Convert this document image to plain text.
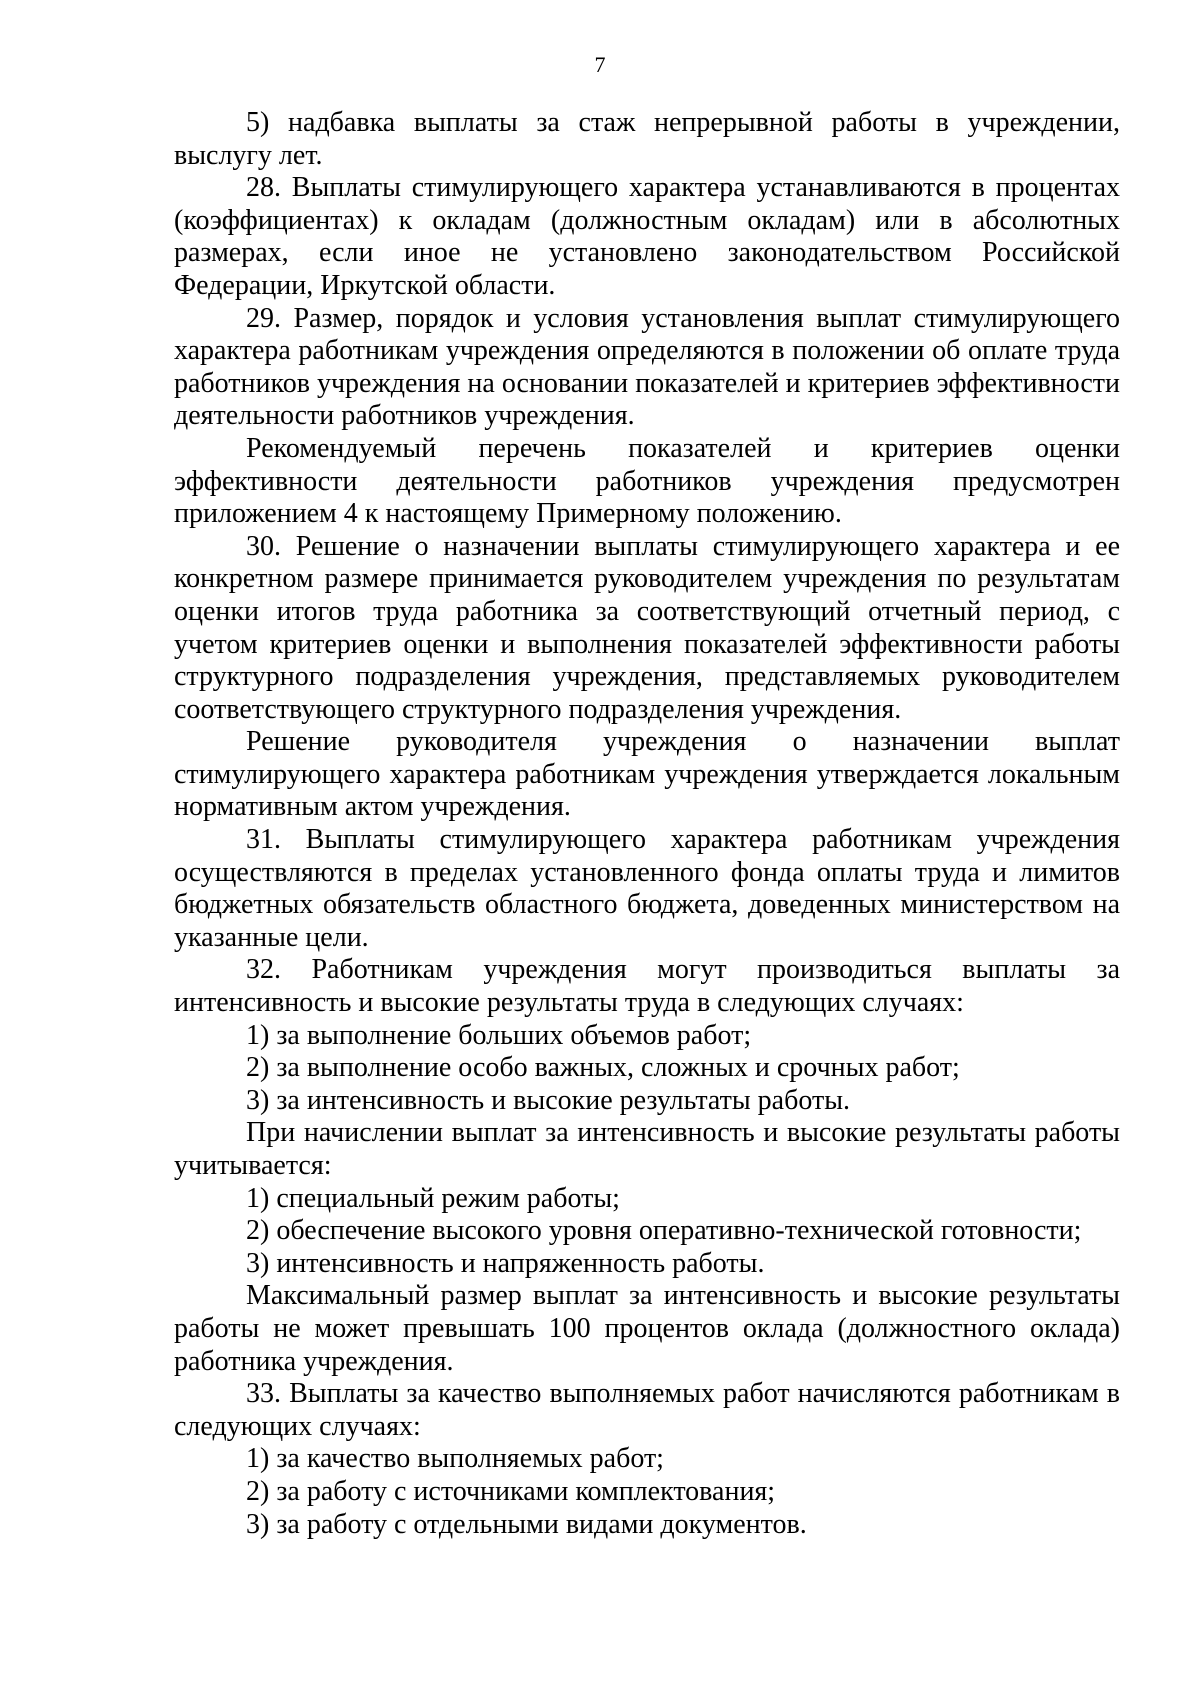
7

5) надбавка выплаты за стаж непрерывной работы в учреждении, выслугу лет.

28. Выплаты стимулирующего характера устанавливаются в процентах (коэффициентах) к окладам (должностным окладам) или в абсолютных размерах, если иное не установлено законодательством Российской Федерации, Иркутской области.

29. Размер, порядок и условия установления выплат стимулирующего характера работникам учреждения определяются в положении об оплате труда работников учреждения на основании показателей и критериев эффективности деятельности работников учреждения.

Рекомендуемый перечень показателей и критериев оценки эффективности деятельности работников учреждения предусмотрен приложением 4 к настоящему Примерному положению.

30. Решение о назначении выплаты стимулирующего характера и ее конкретном размере принимается руководителем учреждения по результатам оценки итогов труда работника за соответствующий отчетный период, с учетом критериев оценки и выполнения показателей эффективности работы структурного подразделения учреждения, представляемых руководителем соответствующего структурного подразделения учреждения.

Решение руководителя учреждения о назначении выплат стимулирующего характера работникам учреждения утверждается локальным нормативным актом учреждения.

31. Выплаты стимулирующего характера работникам учреждения осуществляются в пределах установленного фонда оплаты труда и лимитов бюджетных обязательств областного бюджета, доведенных министерством на указанные цели.

32. Работникам учреждения могут производиться выплаты за интенсивность и высокие результаты труда в следующих случаях:

1) за выполнение больших объемов работ;

2) за выполнение особо важных, сложных и срочных работ;

3) за интенсивность и высокие результаты работы.

При начислении выплат за интенсивность и высокие результаты работы учитывается:

1) специальный режим работы;

2) обеспечение высокого уровня оперативно-технической готовности;

3) интенсивность и напряженность работы.

Максимальный размер выплат за интенсивность и высокие результаты работы не может превышать 100 процентов оклада (должностного оклада) работника учреждения.

33. Выплаты за качество выполняемых работ начисляются работникам в следующих случаях:

1) за качество выполняемых работ;

2) за работу с источниками комплектования;

3) за работу с отдельными видами документов.
